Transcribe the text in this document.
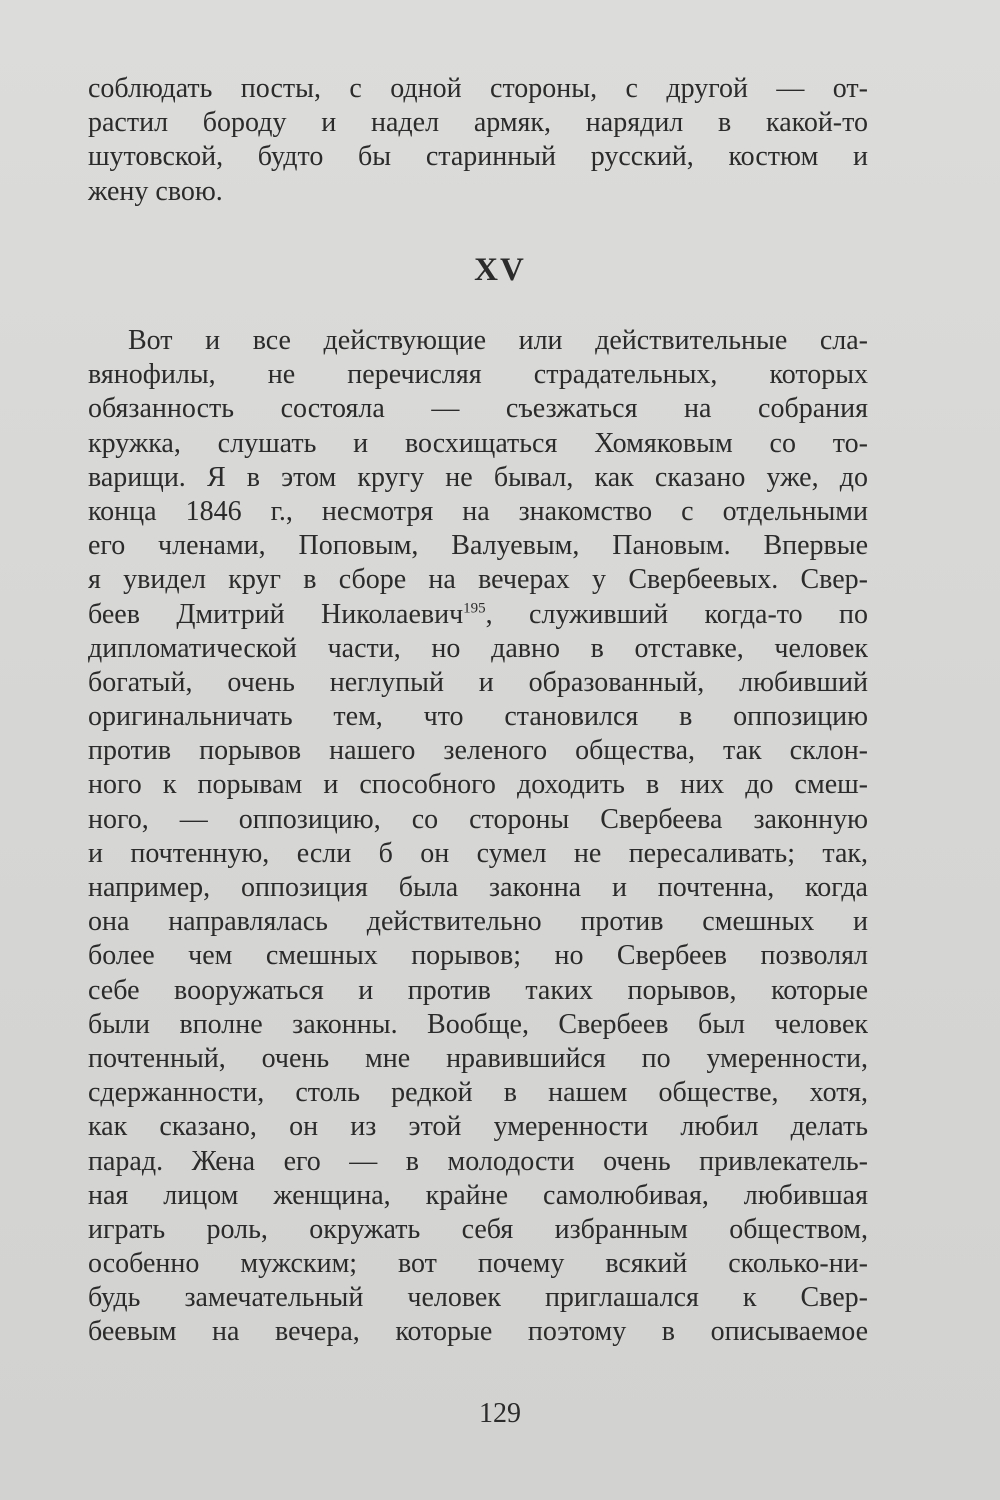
соблюдать посты, с одной стороны, с другой — от-
растил бороду и надел армяк, нарядил в какой-то
шутовской, будто бы старинный русский, костюм и
жену свою.
XV
Вот и все действующие или действительные сла-
вянофилы, не перечисляя страдательных, которых
обязанность состояла — съезжаться на собрания
кружка, слушать и восхищаться Хомяковым со то-
варищи. Я в этом кругу не бывал, как сказано уже, до
конца 1846 г., несмотря на знакомство с отдельными
его членами, Поповым, Валуевым, Пановым. Впервые
я увидел круг в сборе на вечерах у Свербеевых. Свер-
беев Дмитрий Николаевич$^{195}$, служивший когда-то по
дипломатической части, но давно в отставке, человек
богатый, очень неглупый и образованный, любивший
оригинальничать тем, что становился в оппозицию
против порывов нашего зеленого общества, так склон-
ного к порывам и способного доходить в них до смеш-
ного, — оппозицию, со стороны Свербеева законную
и почтенную, если б он сумел не пересаливать; так,
например, оппозиция была законна и почтенна, когда
она направлялась действительно против смешных и
более чем смешных порывов; но Свербеев позволял
себе вооружаться и против таких порывов, которые
были вполне законны. Вообще, Свербеев был человек
почтенный, очень мне нравившийся по умеренности,
сдержанности, столь редкой в нашем обществе, хотя,
как сказано, он из этой умеренности любил делать
парад. Жена его — в молодости очень привлекатель-
ная лицом женщина, крайне самолюбивая, любившая
играть роль, окружать себя избранным обществом,
особенно мужским; вот почему всякий сколько-ни-
будь замечательный человек приглашался к Свер-
беевым на вечера, которые поэтому в описываемое
129
